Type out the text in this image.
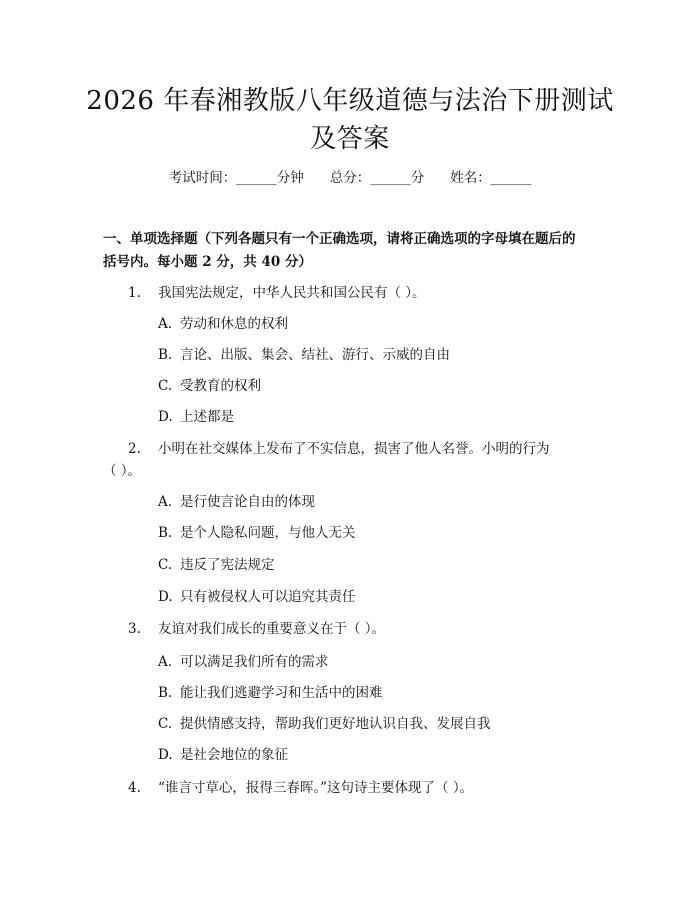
2026 年春湘教版八年级道德与法治下册测试
及答案
考试时间：______分钟 总分：______分 姓名：______
一、单项选择题（下列各题只有一个正确选项，请将正确选项的字母填在题后的
括号内。每小题 2 分，共 40 分）
1.	我国宪法规定，中华人民共和国公民有（ ）。
A. 劳动和休息的权利
B. 言论、出版、集会、结社、游行、示威的自由
C. 受教育的权利
D. 上述都是
2.	小明在社交媒体上发布了不实信息，损害了他人名誉。小明的行为
（ ）。
A. 是行使言论自由的体现
B. 是个人隐私问题，与他人无关
C. 违反了宪法规定
D. 只有被侵权人可以追究其责任
3.	友谊对我们成长的重要意义在于（ ）。
A. 可以满足我们所有的需求
B. 能让我们逃避学习和生活中的困难
C. 提供情感支持，帮助我们更好地认识自我、发展自我
D. 是社会地位的象征
4.	“谁言寸草心，报得三春晖。”这句诗主要体现了（ ）。
